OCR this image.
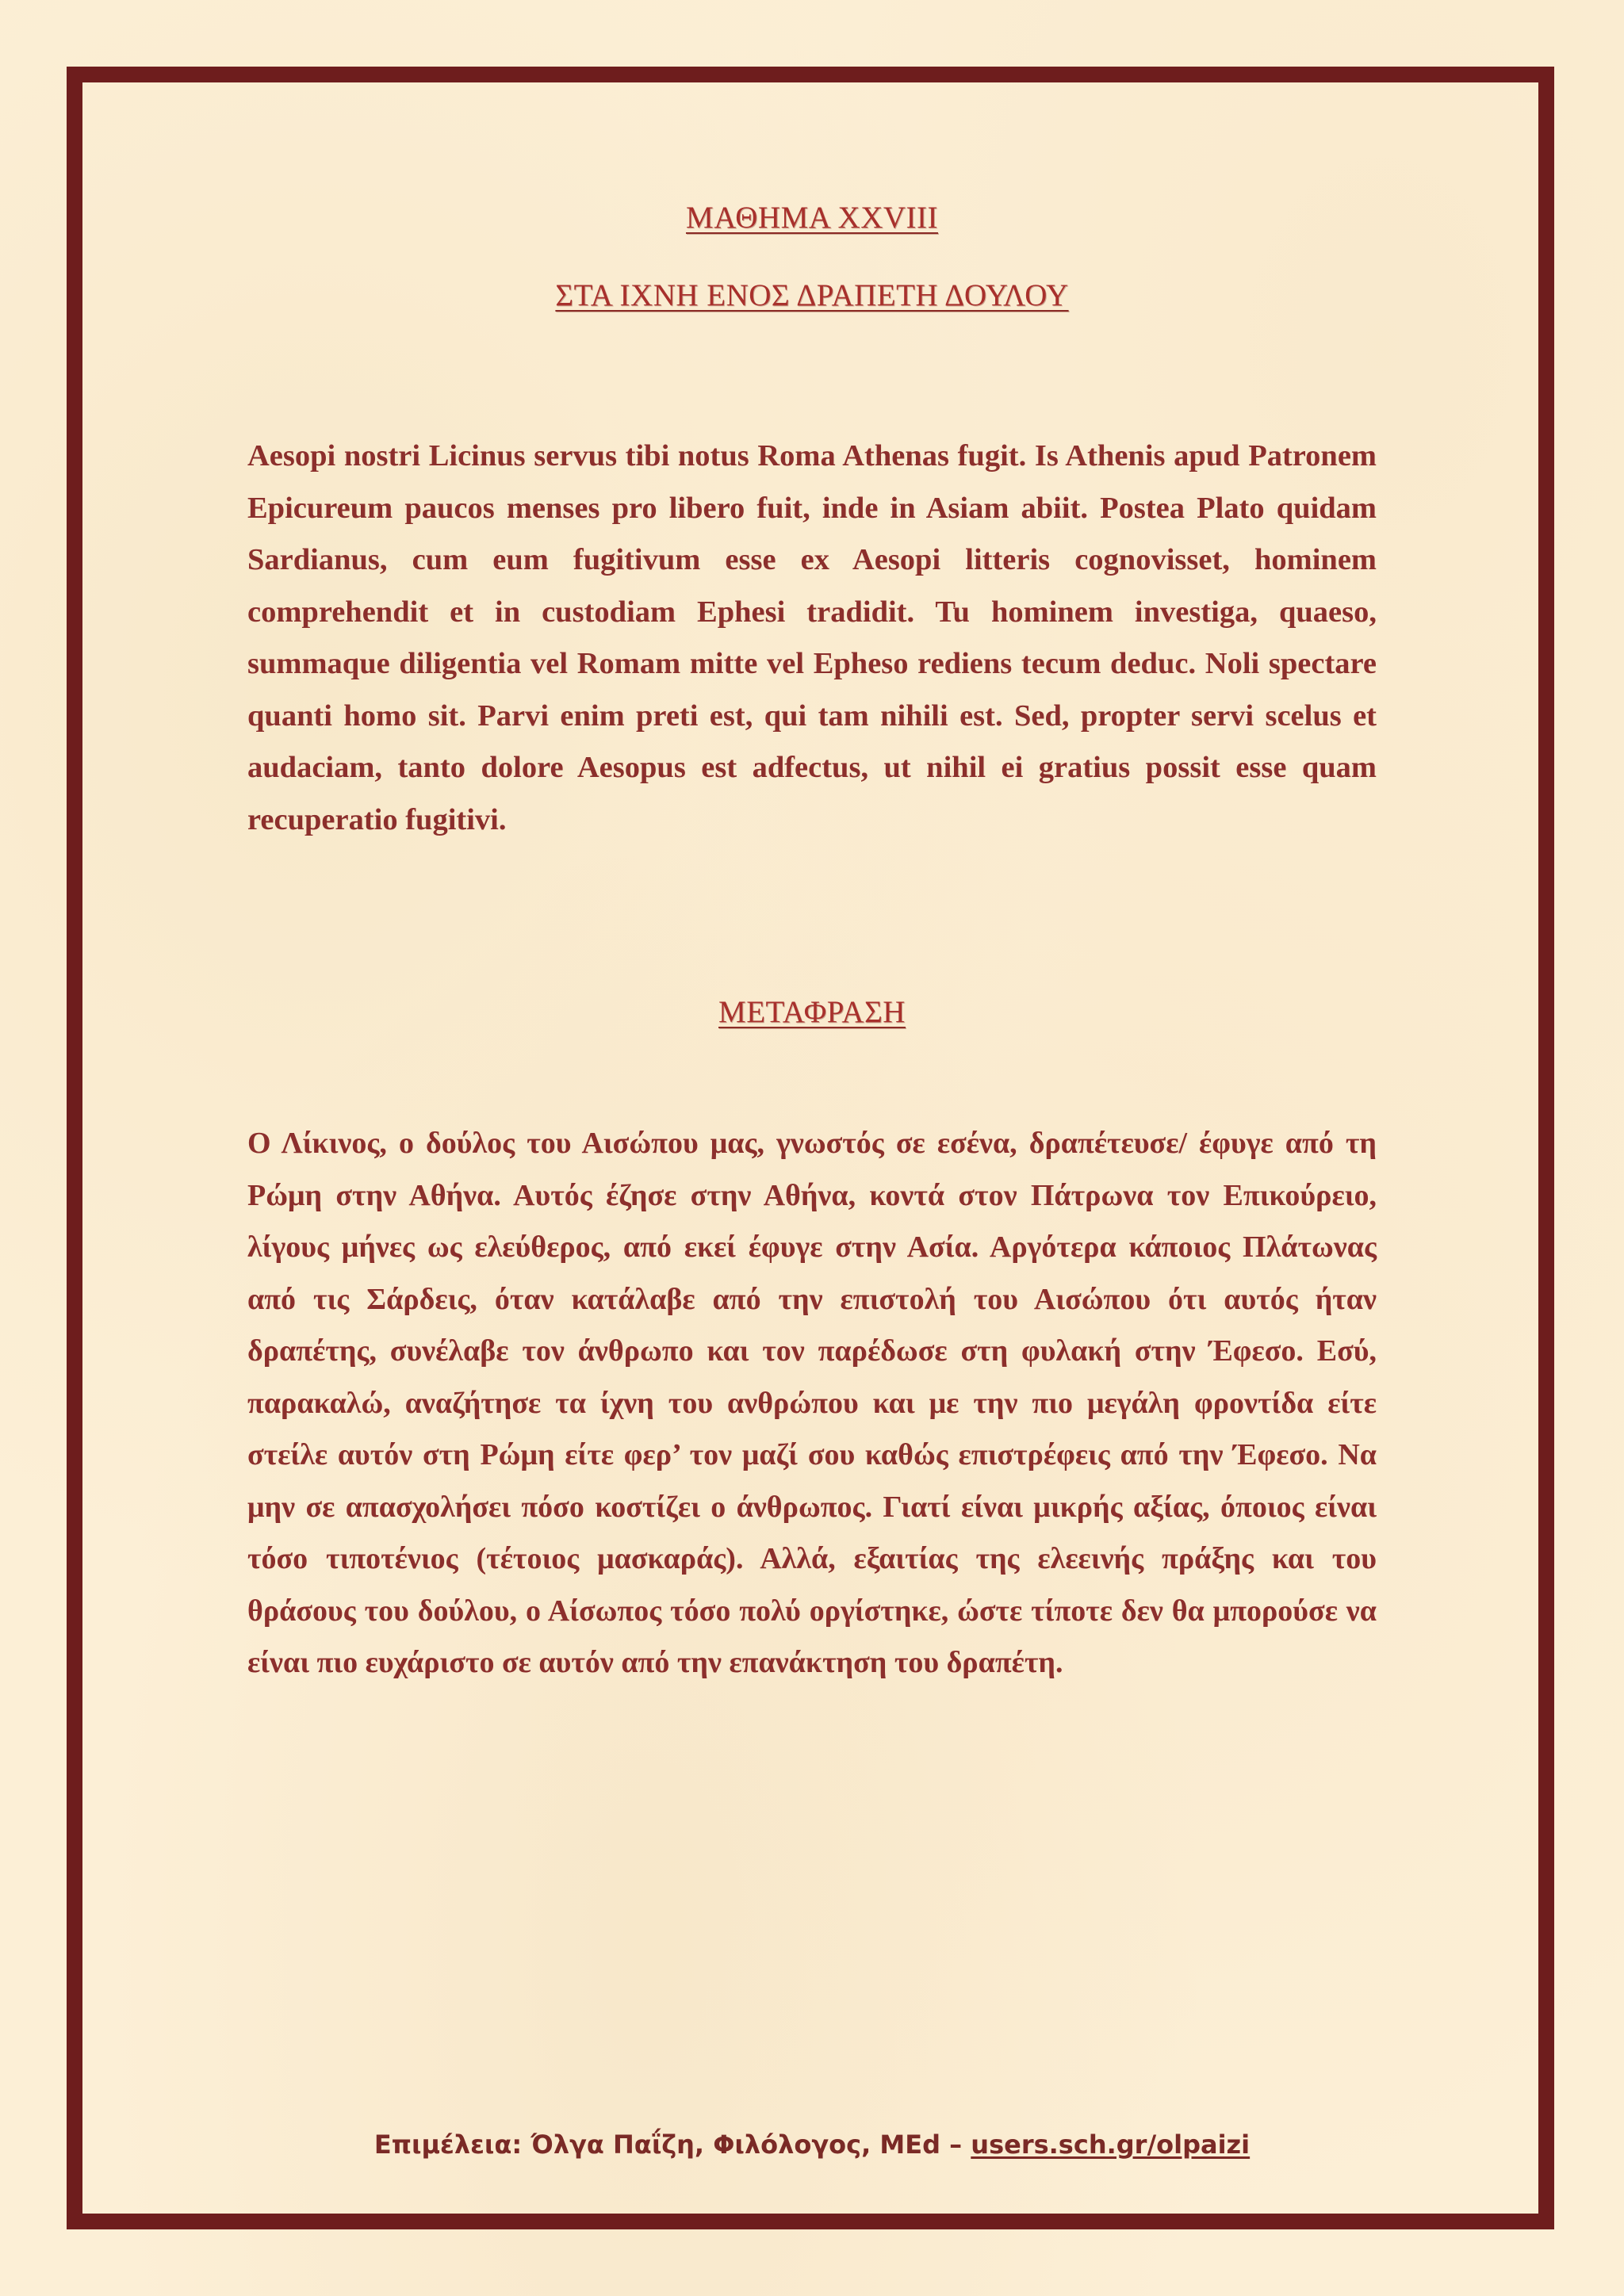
ΜΑΘΗΜΑ XXVIII
ΣΤΑ ΙΧΝΗ ΕΝΟΣ ΔΡΑΠΕΤΗ ΔΟΥΛΟΥ

Aesopi nostri Licinus servus tibi notus Roma Athenas fugit. Is Athenis apud Patronem Epicureum paucos menses pro libero fuit, inde in Asiam abiit. Postea Plato quidam Sardianus, cum eum fugitivum esse ex Aesopi litteris cognovisset, hominem comprehendit et in custodiam Ephesi tradidit. Tu hominem investiga, quaeso, summaque diligentia vel Romam mitte vel Epheso rediens tecum deduc. Noli spectare quanti homo sit. Parvi enim preti est, qui tam nihili est. Sed, propter servi scelus et audaciam, tanto dolore Aesopus est adfectus, ut nihil ei gratius possit esse quam recuperatio fugitivi.

ΜΕΤΑΦΡΑΣΗ

Ο Λίκινος, ο δούλος του Αισώπου μας, γνωστός σε εσένα, δραπέτευσε/ έφυγε από τη Ρώμη στην Αθήνα. Αυτός έζησε στην Αθήνα, κοντά στον Πάτρωνα τον Επικούρειο, λίγους μήνες ως ελεύθερος, από εκεί έφυγε στην Ασία. Αργότερα κάποιος Πλάτωνας από τις Σάρδεις, όταν κατάλαβε από την επιστολή του Αισώπου ότι αυτός ήταν δραπέτης, συνέλαβε τον άνθρωπο και τον παρέδωσε στη φυλακή στην Έφεσο. Εσύ, παρακαλώ, αναζήτησε τα ίχνη του ανθρώπου και με την πιο μεγάλη φροντίδα είτε στείλε αυτόν στη Ρώμη είτε φερ’ τον μαζί σου καθώς επιστρέφεις από την Έφεσο. Να μην σε απασχολήσει πόσο κοστίζει ο άνθρωπος. Γιατί είναι μικρής αξίας, όποιος είναι τόσο τιποτένιος (τέτοιος μασκαράς). Αλλά, εξαιτίας της ελεεινής πράξης και του θράσους του δούλου, ο Αίσωπος τόσο πολύ οργίστηκε, ώστε τίποτε δεν θα μπορούσε να είναι πιο ευχάριστο σε αυτόν από την επανάκτηση του δραπέτη.

Επιμέλεια: Όλγα Παΐζη, Φιλόλογος, MEd – users.sch.gr/olpaizi
